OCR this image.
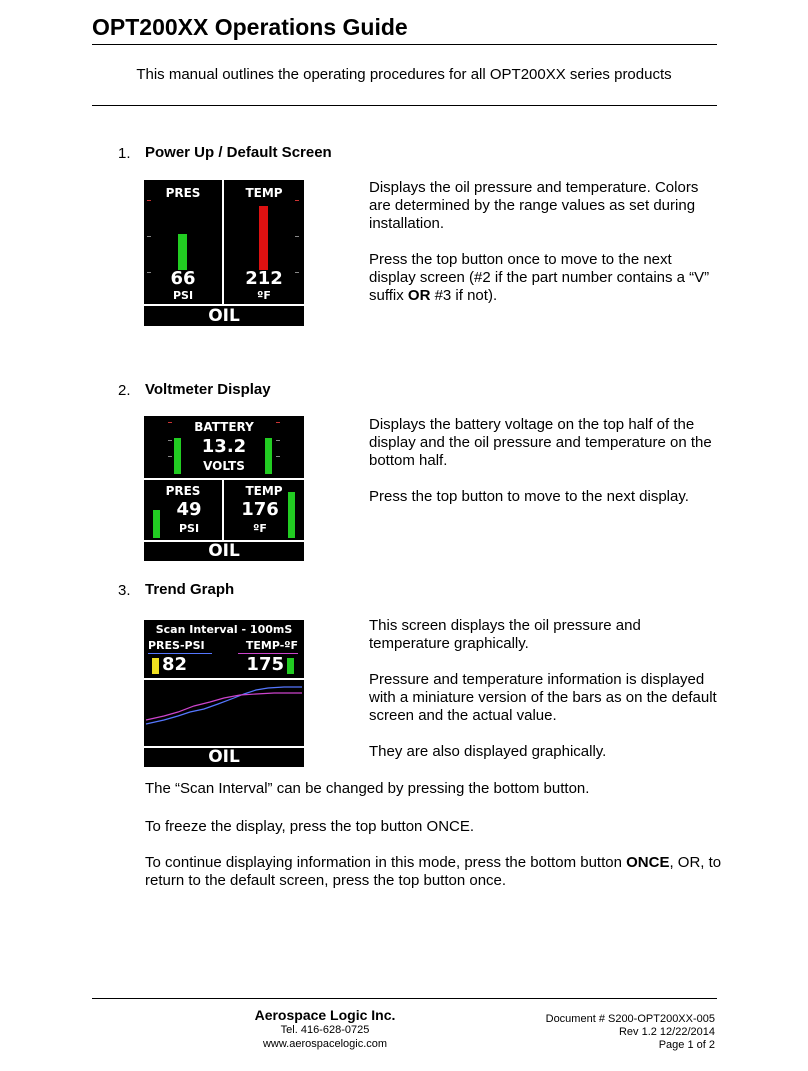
OPT200XX Operations Guide
This manual outlines the operating procedures for all OPT200XX series products
1. Power Up / Default Screen
PRES	TEMP
66
PSI
212
ºF
OIL

Displays the oil pressure and temperature. Colors are determined by the range values as set during installation.

Press the top button once to move to the next display screen (#2 if the part number contains a “V” suffix OR #3 if not).

2. Voltmeter Display
BATTERY
13.2
VOLTS
PRES	TEMP
49
PSI
176
ºF
OIL

Displays the battery voltage on the top half of the display and the oil pressure and temperature on the bottom half.

Press the top button to move to the next display.

3. Trend Graph
Scan Interval - 100mS
PRES-PSI	TEMP-ºF
82	175
OIL

This screen displays the oil pressure and temperature graphically.

Pressure and temperature information is displayed with a miniature version of the bars as on the default screen and the actual value.

They are also displayed graphically.

The “Scan Interval” can be changed by pressing the bottom button.
To freeze the display, press the top button ONCE.
To continue displaying information in this mode, press the bottom button ONCE, OR, to return to the default screen, press the top button once.
Aerospace Logic Inc.
Tel. 416-628-0725
www.aerospacelogic.com
Document # S200-OPT200XX-005
Rev 1.2 12/22/2014
Page 1 of 2
